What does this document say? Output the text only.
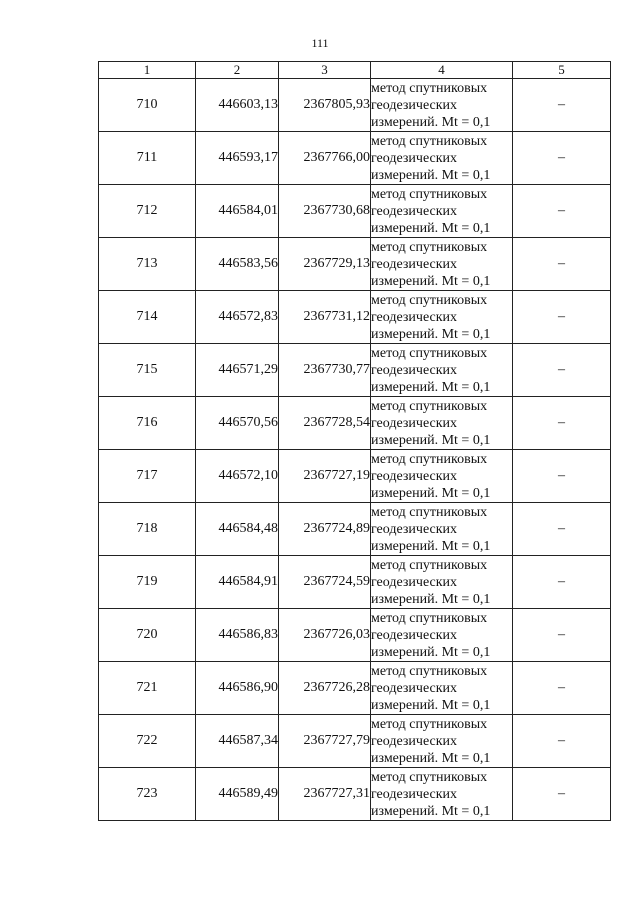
111
1	2	3	4	5
710	446603,13	2367805,93	метод спутниковых
геодезических
измерений. Mt = 0,1	–
711	446593,17	2367766,00	метод спутниковых
геодезических
измерений. Mt = 0,1	–
712	446584,01	2367730,68	метод спутниковых
геодезических
измерений. Mt = 0,1	–
713	446583,56	2367729,13	метод спутниковых
геодезических
измерений. Mt = 0,1	–
714	446572,83	2367731,12	метод спутниковых
геодезических
измерений. Mt = 0,1	–
715	446571,29	2367730,77	метод спутниковых
геодезических
измерений. Mt = 0,1	–
716	446570,56	2367728,54	метод спутниковых
геодезических
измерений. Mt = 0,1	–
717	446572,10	2367727,19	метод спутниковых
геодезических
измерений. Mt = 0,1	–
718	446584,48	2367724,89	метод спутниковых
геодезических
измерений. Mt = 0,1	–
719	446584,91	2367724,59	метод спутниковых
геодезических
измерений. Mt = 0,1	–
720	446586,83	2367726,03	метод спутниковых
геодезических
измерений. Mt = 0,1	–
721	446586,90	2367726,28	метод спутниковых
геодезических
измерений. Mt = 0,1	–
722	446587,34	2367727,79	метод спутниковых
геодезических
измерений. Mt = 0,1	–
723	446589,49	2367727,31	метод спутниковых
геодезических
измерений. Mt = 0,1	–
